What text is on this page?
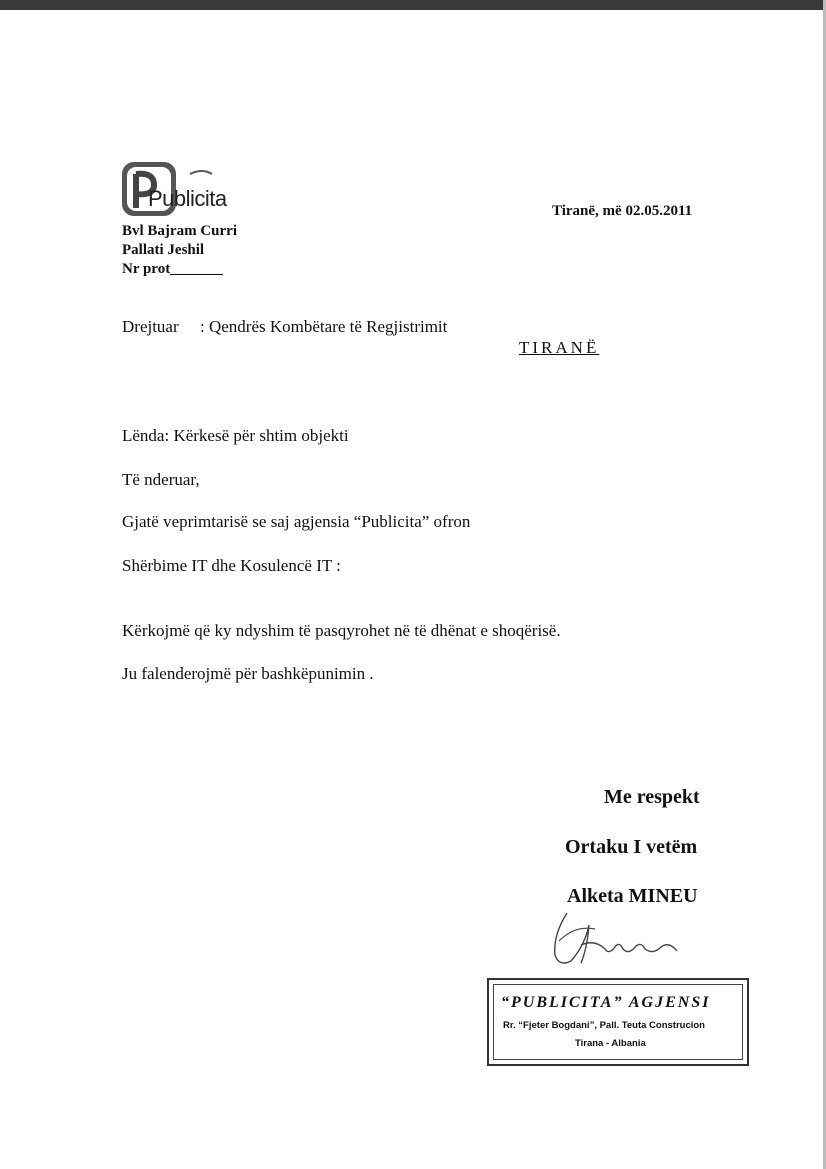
Publicita
Bvl Bajram Curri
Pallati Jeshil
Nr prot_______
Tiranë, më 02.05.2011
Drejtuar : Qendrës Kombëtare të Regjistrimit
TIRANË
Lënda: Kërkesë për shtim objekti
Të nderuar,
Gjatë veprimtarisë se saj agjensia “Publicita” ofron
Shërbime IT dhe Kosulencë IT :
Kërkojmë që ky ndyshim të pasqyrohet në të dhënat e shoqërisë.
Ju falenderojmë për bashkëpunimin .
Me respekt
Ortaku I vetëm
Alketa MINEU
“PUBLICITA” AGJENSI
Rr. “Fjeter Bogdani”, Pall. Teuta Construcion
Tirana - Albania
